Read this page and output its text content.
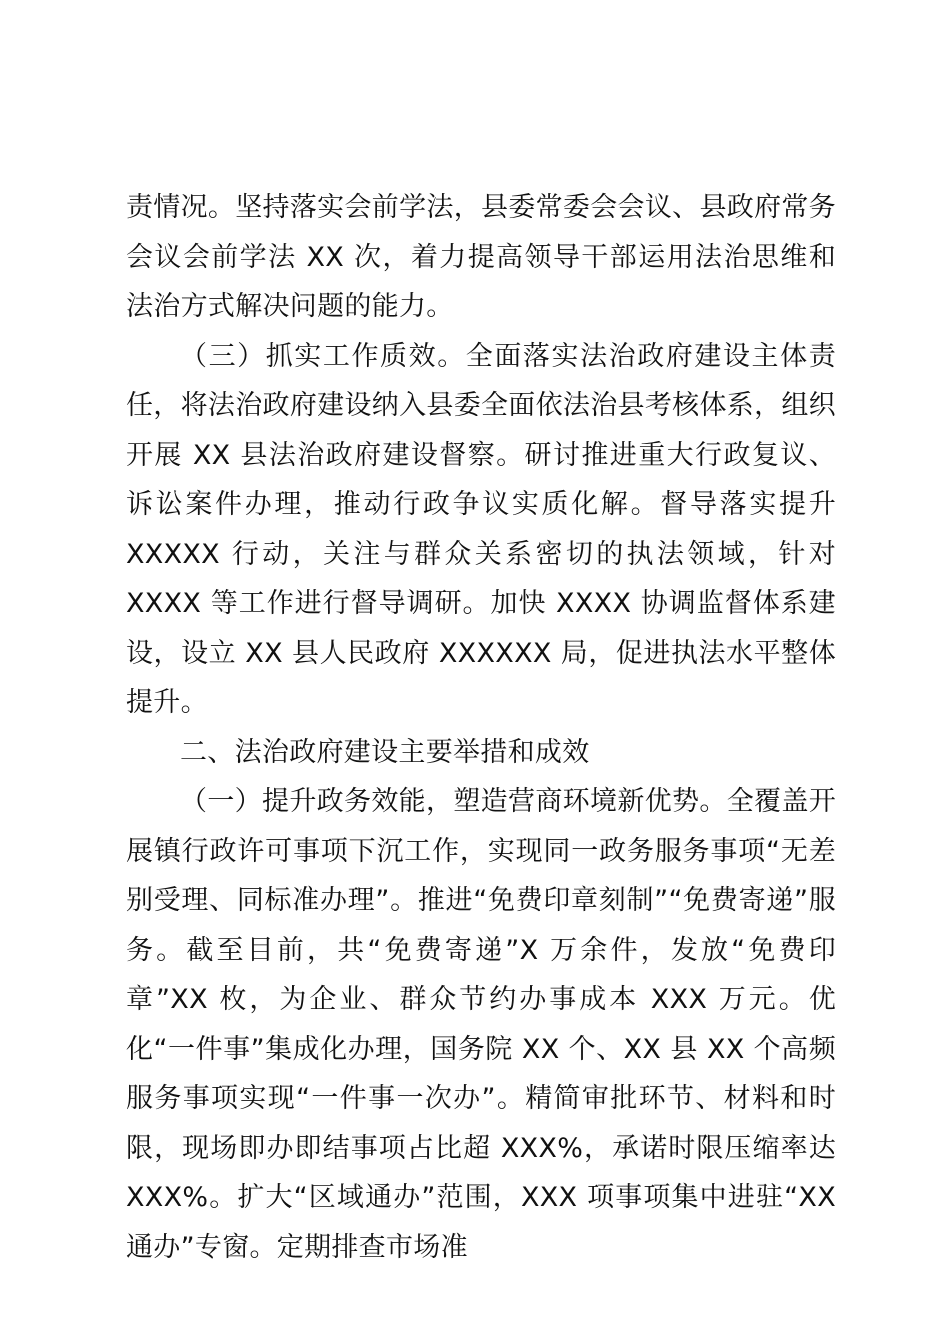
责情况。坚持落实会前学法，县委常委会会议、县政府常务会议会前学法 XX 次，着力提高领导干部运用法治思维和法治方式解决问题的能力。

（三）抓实工作质效。全面落实法治政府建设主体责任，将法治政府建设纳入县委全面依法治县考核体系，组织开展 XX 县法治政府建设督察。研讨推进重大行政复议、诉讼案件办理，推动行政争议实质化解。督导落实提升 XXXXX 行动，关注与群众关系密切的执法领域，针对 XXXX 等工作进行督导调研。加快 XXXX 协调监督体系建设，设立 XX 县人民政府 XXXXXX 局，促进执法水平整体提升。

二、法治政府建设主要举措和成效

（一）提升政务效能，塑造营商环境新优势。全覆盖开展镇行政许可事项下沉工作，实现同一政务服务事项“无差别受理、同标准办理”。推进“免费印章刻制”“免费寄递”服务。截至目前，共“免费寄递”X 万余件，发放“免费印章”XX 枚，为企业、群众节约办事成本 XXX 万元。优化“一件事”集成化办理，国务院 XX 个、XX 县 XX 个高频服务事项实现“一件事一次办”。精简审批环节、材料和时限，现场即办即结事项占比超 XXX%，承诺时限压缩率达 XXX%。扩大“区域通办”范围，XXX 项事项集中进驻“XX 通办”专窗。定期排查市场准
